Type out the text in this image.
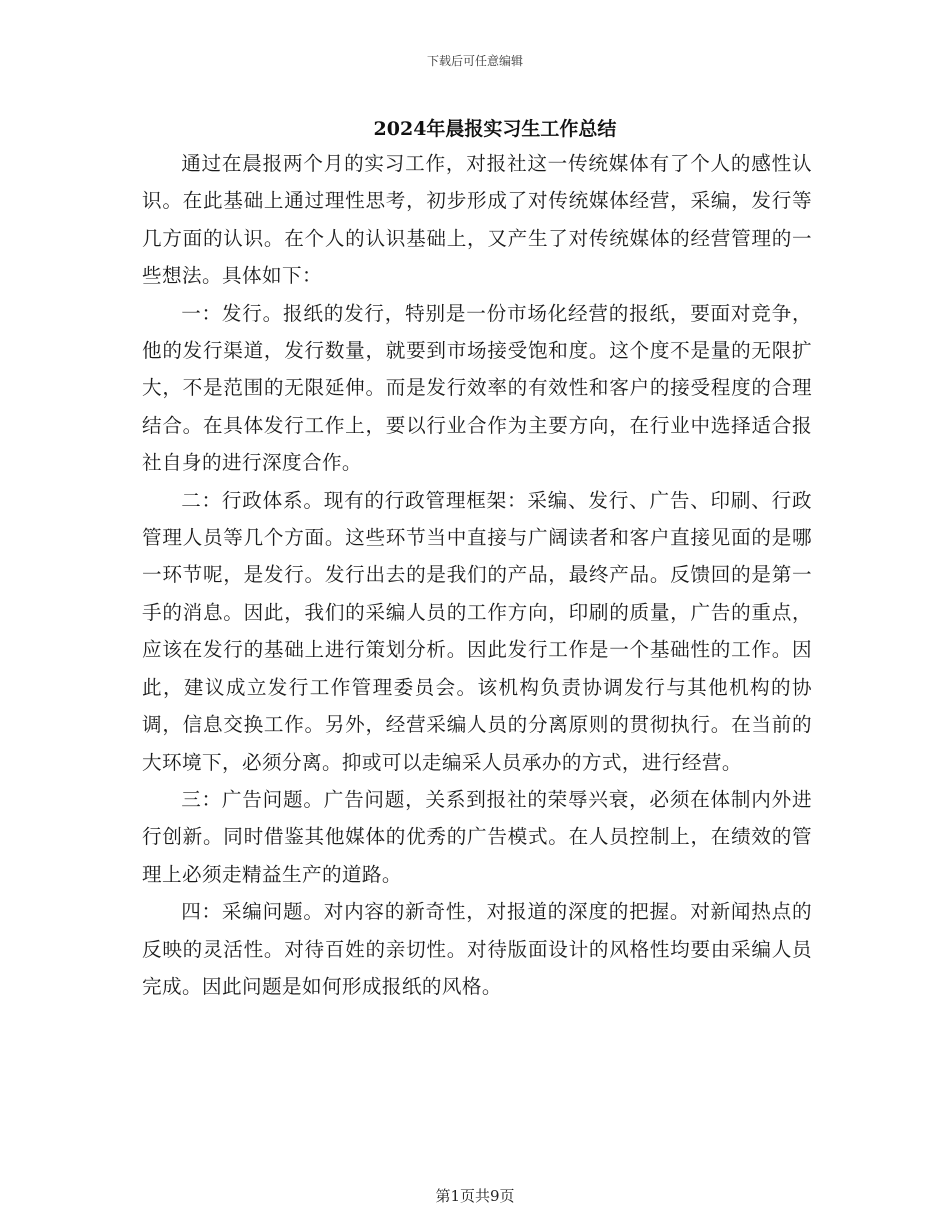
下载后可任意编辑
2024年晨报实习生工作总结

通过在晨报两个月的实习工作，对报社这一传统媒体有了个人的感性认识。在此基础上通过理性思考，初步形成了对传统媒体经营，采编，发行等几方面的认识。在个人的认识基础上，又产生了对传统媒体的经营管理的一些想法。具体如下：

一：发行。报纸的发行，特别是一份市场化经营的报纸，要面对竞争，他的发行渠道，发行数量，就要到市场接受饱和度。这个度不是量的无限扩大，不是范围的无限延伸。而是发行效率的有效性和客户的接受程度的合理结合。在具体发行工作上，要以行业合作为主要方向，在行业中选择适合报社自身的进行深度合作。

二：行政体系。现有的行政管理框架：采编、发行、广告、印刷、行政管理人员等几个方面。这些环节当中直接与广阔读者和客户直接见面的是哪一环节呢，是发行。发行出去的是我们的产品，最终产品。反馈回的是第一手的消息。因此，我们的采编人员的工作方向，印刷的质量，广告的重点，应该在发行的基础上进行策划分析。因此发行工作是一个基础性的工作。因此，建议成立发行工作管理委员会。该机构负责协调发行与其他机构的协调，信息交换工作。另外，经营采编人员的分离原则的贯彻执行。在当前的大环境下，必须分离。抑或可以走编采人员承办的方式，进行经营。

三：广告问题。广告问题，关系到报社的荣辱兴衰，必须在体制内外进行创新。同时借鉴其他媒体的优秀的广告模式。在人员控制上，在绩效的管理上必须走精益生产的道路。

四：采编问题。对内容的新奇性，对报道的深度的把握。对新闻热点的反映的灵活性。对待百姓的亲切性。对待版面设计的风格性均要由采编人员完成。因此问题是如何形成报纸的风格。

第1页共9页
